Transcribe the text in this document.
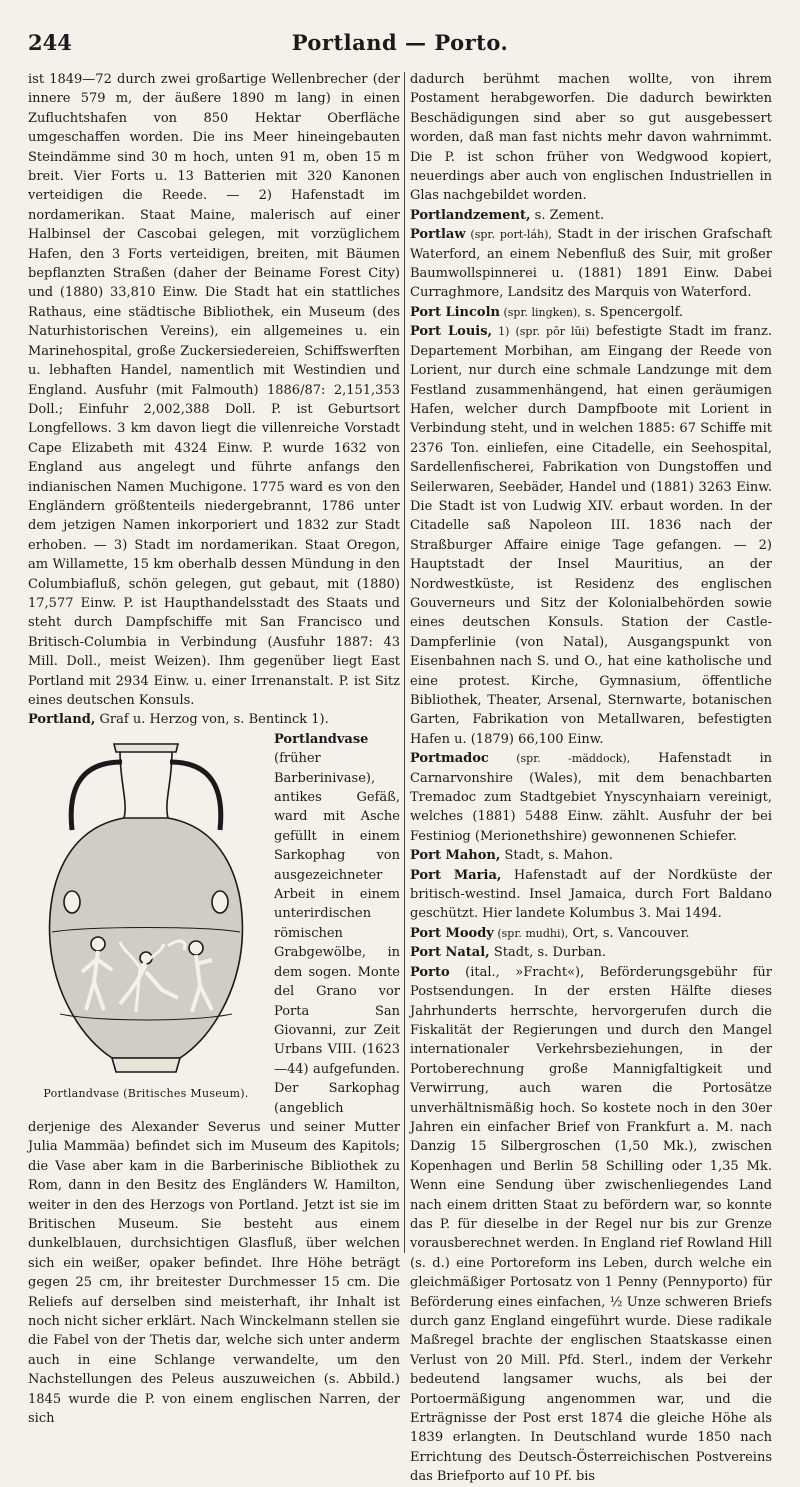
244	Portland — Porto.

ist 1849—72 durch zwei großartige Wellenbrecher (der innere 579 m, der äußere 1890 m lang) in einen Zufluchtshafen von 850 Hektar Oberfläche umgeschaffen worden. Die ins Meer hineingebauten Steindämme sind 30 m hoch, unten 91 m, oben 15 m breit. Vier Forts u. 13 Batterien mit 320 Kanonen verteidigen die Reede. — 2) Hafenstadt im nordamerikan. Staat Maine, malerisch auf einer Halbinsel der Cascobai gelegen, mit vorzüglichem Hafen, den 3 Forts verteidigen, breiten, mit Bäumen bepflanzten Straßen (daher der Beiname Forest City) und (1880) 33,810 Einw. Die Stadt hat ein stattliches Rathaus, eine städtische Bibliothek, ein Museum (des Naturhistorischen Vereins), ein allgemeines u. ein Marinehospital, große Zuckersiedereien, Schiffswerften u. lebhaften Handel, namentlich mit Westindien und England. Ausfuhr (mit Falmouth) 1886/87: 2,151,353 Doll.; Einfuhr 2,002,388 Doll. P. ist Geburtsort Longfellows. 3 km davon liegt die villenreiche Vorstadt Cape Elizabeth mit 4324 Einw. P. wurde 1632 von England aus angelegt und führte anfangs den indianischen Namen Muchigone. 1775 ward es von den Engländern größtenteils niedergebrannt, 1786 unter dem jetzigen Namen inkorporiert und 1832 zur Stadt erhoben. — 3) Stadt im nordamerikan. Staat Oregon, am Willamette, 15 km oberhalb dessen Mündung in den Columbiafluß, schön gelegen, gut gebaut, mit (1880) 17,577 Einw. P. ist Haupthandelsstadt des Staats und steht durch Dampfschiffe mit San Francisco und Britisch-Columbia in Verbindung (Ausfuhr 1887: 43 Mill. Doll., meist Weizen). Ihm gegenüber liegt East Portland mit 2934 Einw. u. einer Irrenanstalt. P. ist Sitz eines deutschen Konsuls.

Portland, Graf u. Herzog von, s. Bentinck 1).

Portlandvase
Portlandvase (Britisches Museum).
(früher Barberinivase), antikes Gefäß, ward mit Asche gefüllt in einem Sarkophag von ausgezeichneter Arbeit in einem unterirdischen römischen Grabgewölbe, in dem sogen. Monte del Grano vor Porta San Giovanni, zur Zeit Urbans VIII. (1623—44) aufgefunden. Der Sarkophag (angeblich derjenige des Alexander Severus und seiner Mutter Julia Mammäa) befindet sich im Museum des Kapitols; die Vase aber kam in die Barberinische Bibliothek zu Rom, dann in den Besitz des Engländers W. Hamilton, weiter in den des Herzogs von Portland. Jetzt ist sie im Britischen Museum. Sie besteht aus einem dunkelblauen, durchsichtigen Glasfluß, über welchen sich ein weißer, opaker befindet. Ihre Höhe beträgt gegen 25 cm, ihr breitester Durchmesser 15 cm. Die Reliefs auf derselben sind meisterhaft, ihr Inhalt ist noch nicht sicher erklärt. Nach Winckelmann stellen sie die Fabel von der Thetis dar, welche sich unter anderm auch in eine Schlange verwandelte, um den Nachstellungen des Peleus auszuweichen (s. Abbild.) 1845 wurde die P. von einem englischen Narren, der sich

dadurch berühmt machen wollte, von ihrem Postament herabgeworfen. Die dadurch bewirkten Beschädigungen sind aber so gut ausgebessert worden, daß man fast nichts mehr davon wahrnimmt. Die P. ist schon früher von Wedgwood kopiert, neuerdings aber auch von englischen Industriellen in Glas nachgebildet worden.

Portlandzement, s. Zement.

Portlaw (spr. port-láh), Stadt in der irischen Grafschaft Waterford, an einem Nebenfluß des Suir, mit großer Baumwollspinnerei u. (1881) 1891 Einw. Dabei Curraghmore, Landsitz des Marquis von Waterford.

Port Lincoln (spr. lingken), s. Spencergolf.

Port Louis, 1) (spr. pōr lūi) befestigte Stadt im franz. Departement Morbihan, am Eingang der Reede von Lorient, nur durch eine schmale Landzunge mit dem Festland zusammenhängend, hat einen geräumigen Hafen, welcher durch Dampfboote mit Lorient in Verbindung steht, und in welchen 1885: 67 Schiffe mit 2376 Ton. einliefen, eine Citadelle, ein Seehospital, Sardellenfischerei, Fabrikation von Dungstoffen und Seilerwaren, Seebäder, Handel und (1881) 3263 Einw. Die Stadt ist von Ludwig XIV. erbaut worden. In der Citadelle saß Napoleon III. 1836 nach der Straßburger Affaire einige Tage gefangen. — 2) Hauptstadt der Insel Mauritius, an der Nordwestküste, ist Residenz des englischen Gouverneurs und Sitz der Kolonialbehörden sowie eines deutschen Konsuls. Station der Castle-Dampferlinie (von Natal), Ausgangspunkt von Eisenbahnen nach S. und O., hat eine katholische und eine protest. Kirche, Gymnasium, öffentliche Bibliothek, Theater, Arsenal, Sternwarte, botanischen Garten, Fabrikation von Metallwaren, befestigten Hafen u. (1879) 66,100 Einw.

Portmadoc (spr. -mäddock), Hafenstadt in Carnarvonshire (Wales), mit dem benachbarten Tremadoc zum Stadtgebiet Ynyscynhaiarn vereinigt, welches (1881) 5488 Einw. zählt. Ausfuhr der bei Festiniog (Merionethshire) gewonnenen Schiefer.

Port Mahon, Stadt, s. Mahon.

Port Maria, Hafenstadt auf der Nordküste der britisch-westind. Insel Jamaica, durch Fort Baldano geschützt. Hier landete Kolumbus 3. Mai 1494.

Port Moody (spr. mudhi), Ort, s. Vancouver.

Port Natal, Stadt, s. Durban.

Porto (ital., »Fracht«), Beförderungsgebühr für Postsendungen. In der ersten Hälfte dieses Jahrhunderts herrschte, hervorgerufen durch die Fiskalität der Regierungen und durch den Mangel internationaler Verkehrsbeziehungen, in der Portoberechnung große Mannigfaltigkeit und Verwirrung, auch waren die Portosätze unverhältnismäßig hoch. So kostete noch in den 30er Jahren ein einfacher Brief von Frankfurt a. M. nach Danzig 15 Silbergroschen (1,50 Mk.), zwischen Kopenhagen und Berlin 58 Schilling oder 1,35 Mk. Wenn eine Sendung über zwischenliegendes Land nach einem dritten Staat zu befördern war, so konnte das P. für dieselbe in der Regel nur bis zur Grenze vorausberechnet werden. In England rief Rowland Hill (s. d.) eine Portoreform ins Leben, durch welche ein gleichmäßiger Portosatz von 1 Penny (Pennyporto) für Beförderung eines einfachen, ½ Unze schweren Briefs durch ganz England eingeführt wurde. Diese radikale Maßregel brachte der englischen Staatskasse einen Verlust von 20 Mill. Pfd. Sterl., indem der Verkehr bedeutend langsamer wuchs, als bei der Portoermäßigung angenommen war, und die Erträgnisse der Post erst 1874 die gleiche Höhe als 1839 erlangten. In Deutschland wurde 1850 nach Errichtung des Deutsch-Österreichischen Postvereins das Briefporto auf 10 Pf. bis
